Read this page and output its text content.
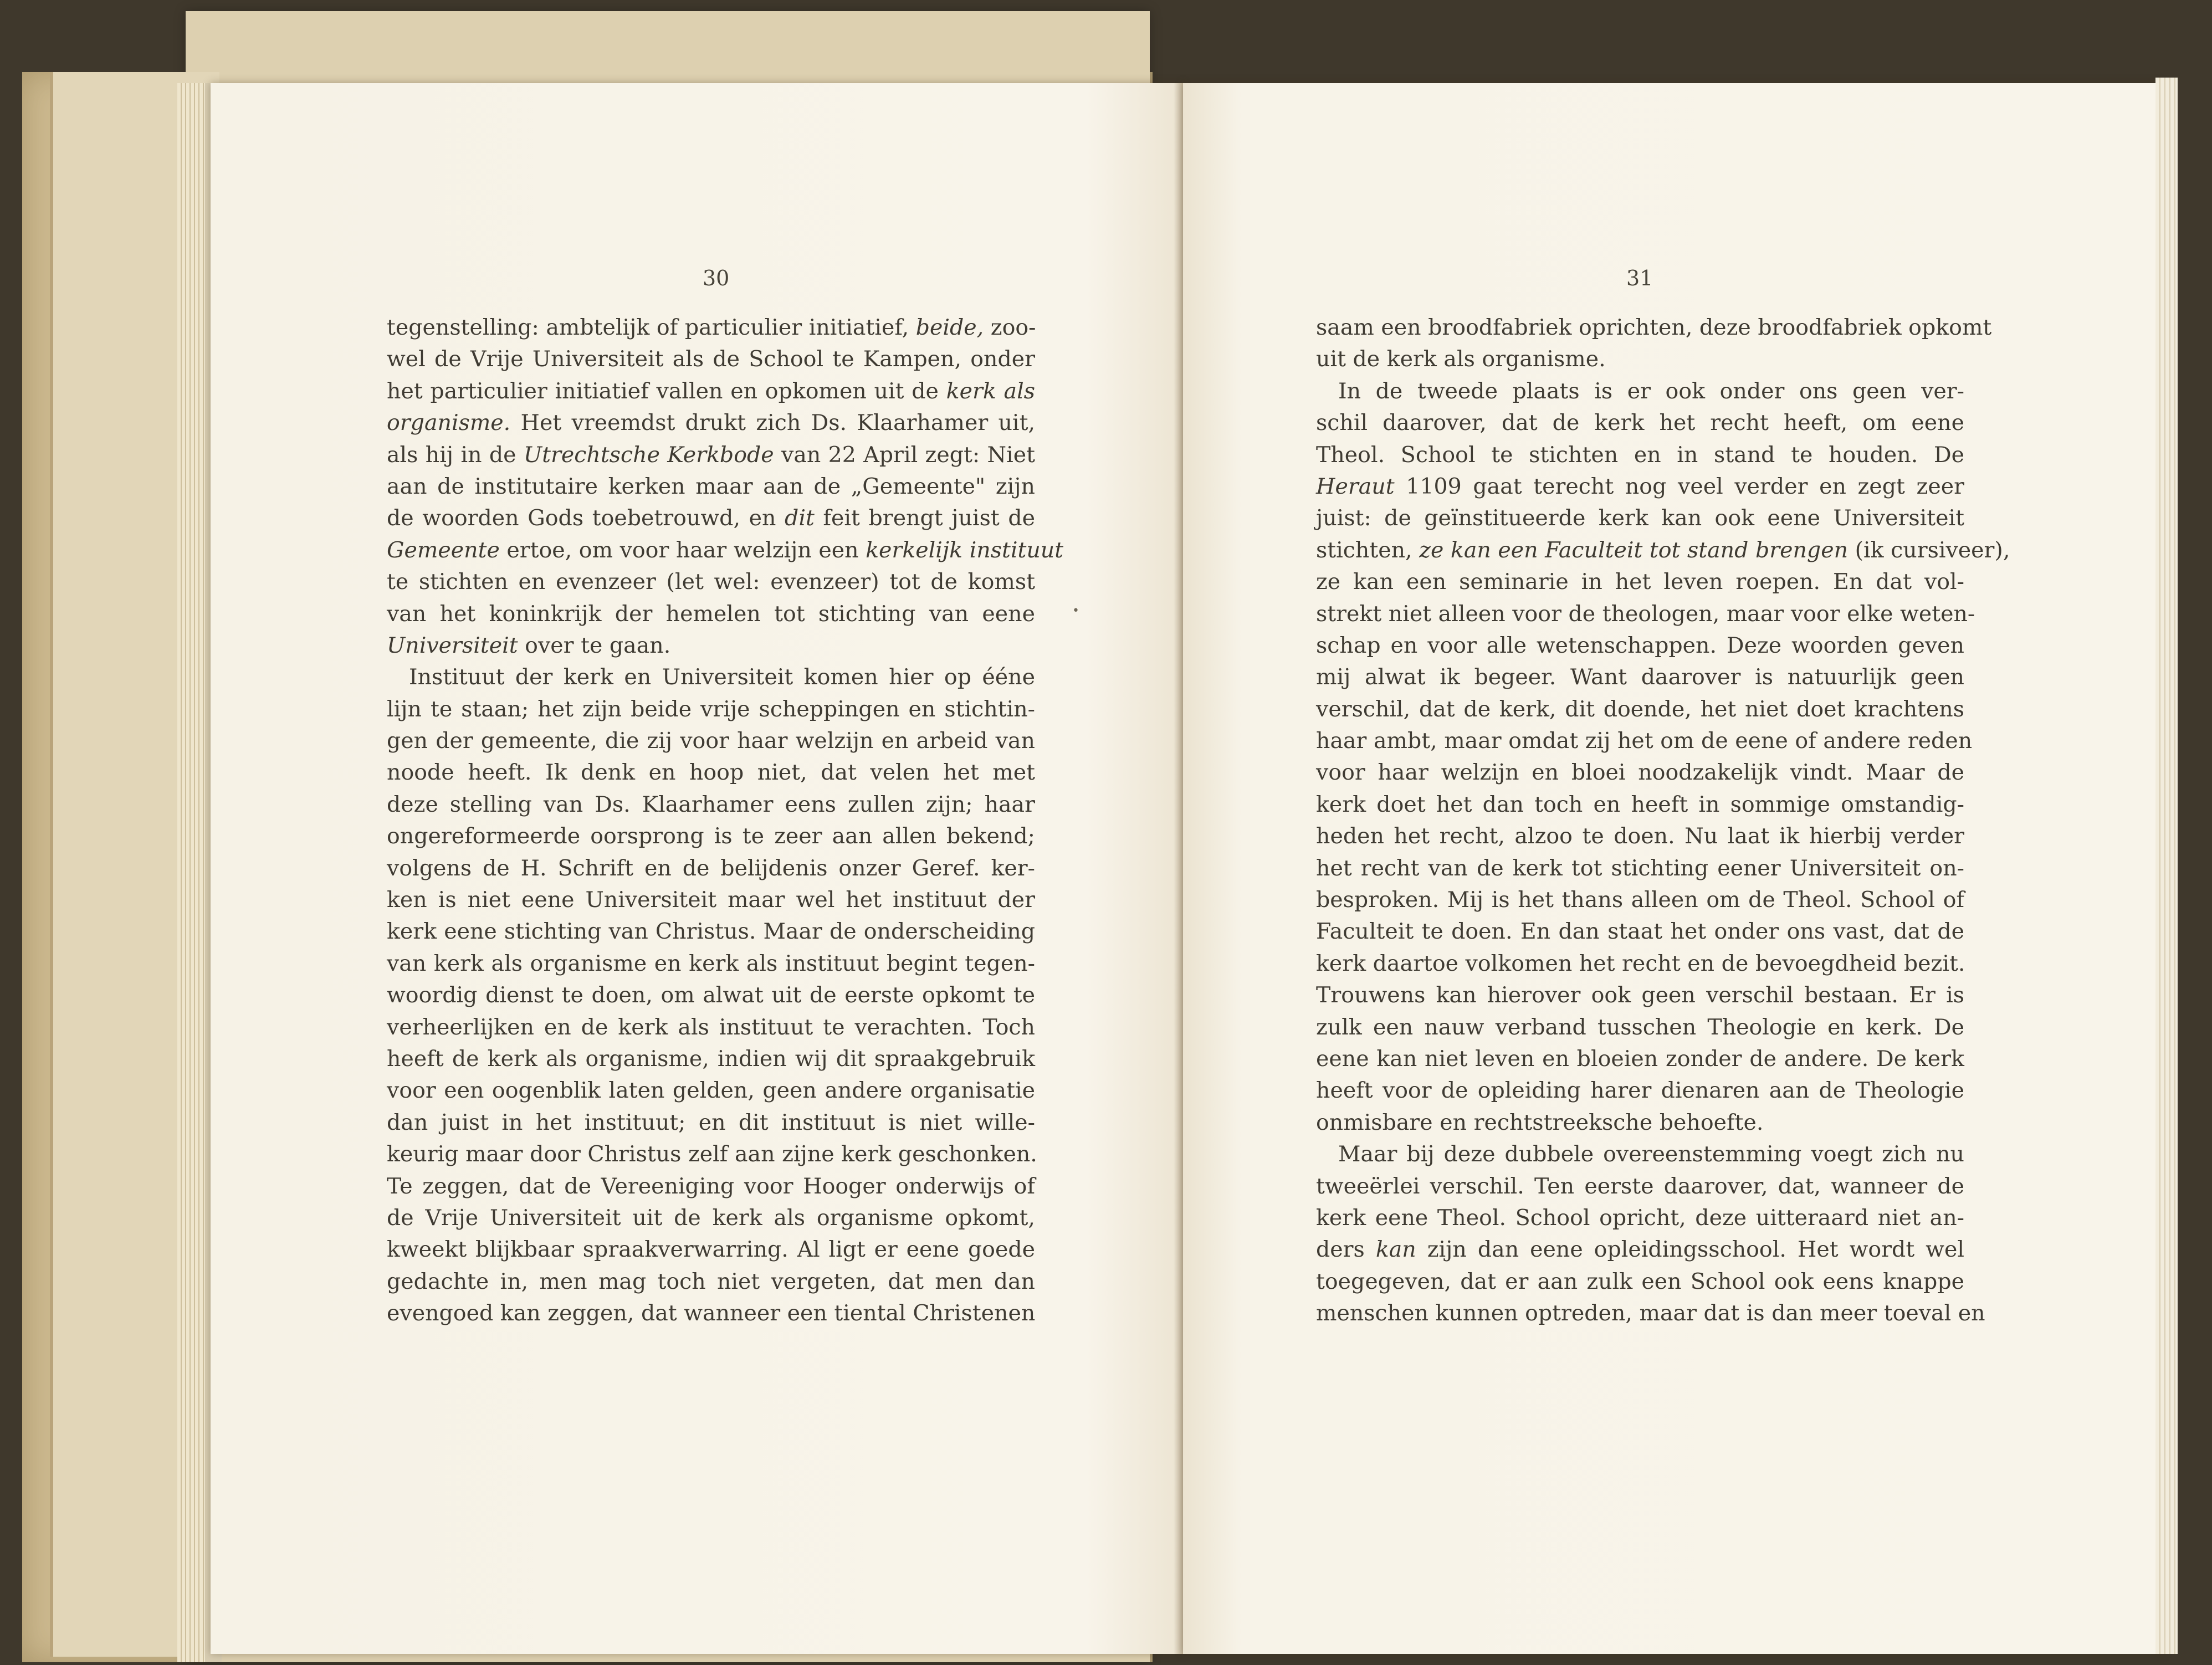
30
tegenstelling: ambtelijk of particulier initiatief, beide, zoo-
wel de Vrije Universiteit als de School te Kampen, onder
het particulier initiatief vallen en opkomen uit de kerk als
organisme. Het vreemdst drukt zich Ds. Klaarhamer uit,
als hij in de Utrechtsche Kerkbode van 22 April zegt: Niet
aan de institutaire kerken maar aan de „Gemeente" zijn
de woorden Gods toebetrouwd, en dit feit brengt juist de
Gemeente ertoe, om voor haar welzijn een kerkelijk instituut
te stichten en evenzeer (let wel: evenzeer) tot de komst
van het koninkrijk der hemelen tot stichting van eene
Universiteit over te gaan.
Instituut der kerk en Universiteit komen hier op ééne
lijn te staan; het zijn beide vrije scheppingen en stichtin-
gen der gemeente, die zij voor haar welzijn en arbeid van
noode heeft. Ik denk en hoop niet, dat velen het met
deze stelling van Ds. Klaarhamer eens zullen zijn; haar
ongereformeerde oorsprong is te zeer aan allen bekend;
volgens de H. Schrift en de belijdenis onzer Geref. ker-
ken is niet eene Universiteit maar wel het instituut der
kerk eene stichting van Christus. Maar de onderscheiding
van kerk als organisme en kerk als instituut begint tegen-
woordig dienst te doen, om alwat uit de eerste opkomt te
verheerlijken en de kerk als instituut te verachten. Toch
heeft de kerk als organisme, indien wij dit spraakgebruik
voor een oogenblik laten gelden, geen andere organisatie
dan juist in het instituut; en dit instituut is niet wille-
keurig maar door Christus zelf aan zijne kerk geschonken.
Te zeggen, dat de Vereeniging voor Hooger onderwijs of
de Vrije Universiteit uit de kerk als organisme opkomt,
kweekt blijkbaar spraakverwarring. Al ligt er eene goede
gedachte in, men mag toch niet vergeten, dat men dan
evengoed kan zeggen, dat wanneer een tiental Christenen
•
31
saam een broodfabriek oprichten, deze broodfabriek opkomt
uit de kerk als organisme.
In de tweede plaats is er ook onder ons geen ver-
schil daarover, dat de kerk het recht heeft, om eene
Theol. School te stichten en in stand te houden. De
Heraut 1109 gaat terecht nog veel verder en zegt zeer
juist: de geïnstitueerde kerk kan ook eene Universiteit
stichten, ze kan een Faculteit tot stand brengen (ik cursiveer),
ze kan een seminarie in het leven roepen. En dat vol-
strekt niet alleen voor de theologen, maar voor elke weten-
schap en voor alle wetenschappen. Deze woorden geven
mij alwat ik begeer. Want daarover is natuurlijk geen
verschil, dat de kerk, dit doende, het niet doet krachtens
haar ambt, maar omdat zij het om de eene of andere reden
voor haar welzijn en bloei noodzakelijk vindt. Maar de
kerk doet het dan toch en heeft in sommige omstandig-
heden het recht, alzoo te doen. Nu laat ik hierbij verder
het recht van de kerk tot stichting eener Universiteit on-
besproken. Mij is het thans alleen om de Theol. School of
Faculteit te doen. En dan staat het onder ons vast, dat de
kerk daartoe volkomen het recht en de bevoegdheid bezit.
Trouwens kan hierover ook geen verschil bestaan. Er is
zulk een nauw verband tusschen Theologie en kerk. De
eene kan niet leven en bloeien zonder de andere. De kerk
heeft voor de opleiding harer dienaren aan de Theologie
onmisbare en rechtstreeksche behoefte.
Maar bij deze dubbele overeenstemming voegt zich nu
tweeërlei verschil. Ten eerste daarover, dat, wanneer de
kerk eene Theol. School opricht, deze uitteraard niet an-
ders kan zijn dan eene opleidingsschool. Het wordt wel
toegegeven, dat er aan zulk een School ook eens knappe
menschen kunnen optreden, maar dat is dan meer toeval en
